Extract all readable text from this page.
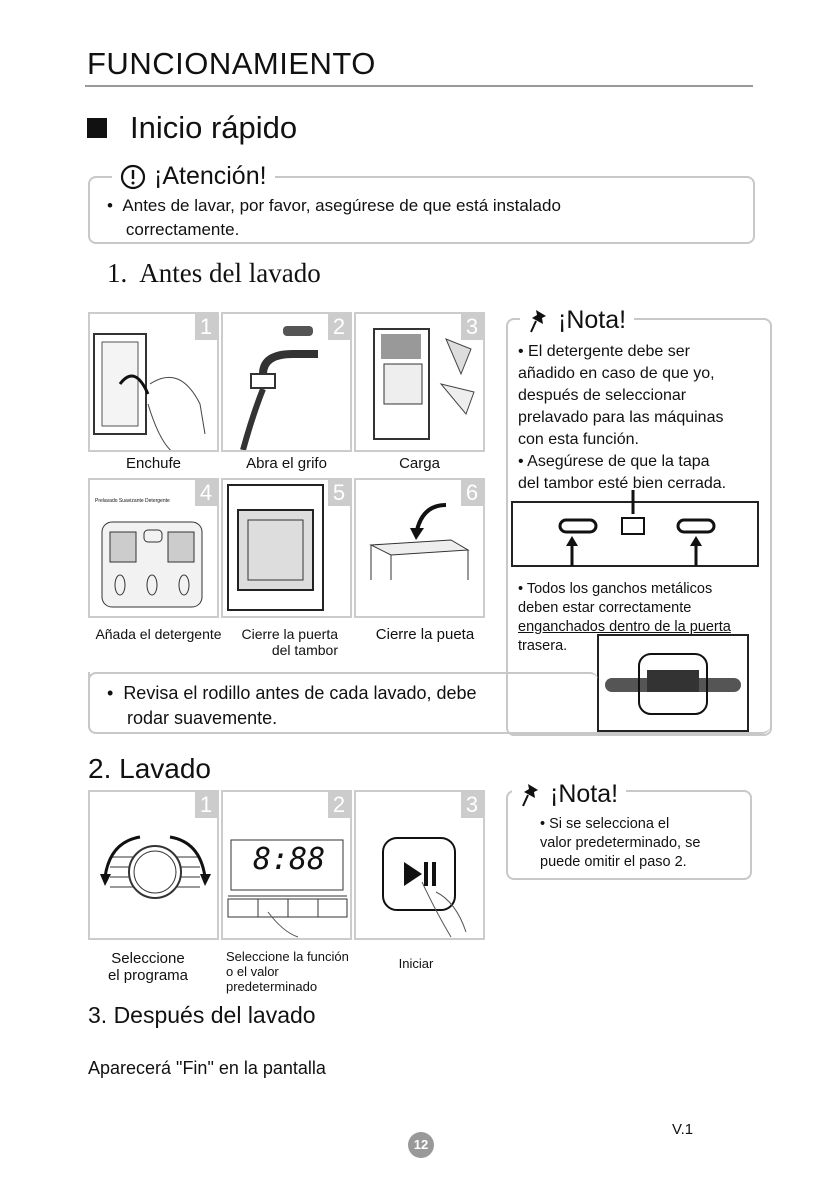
FUNCIONAMIENTO
Inicio rápido
¡Atención!
•  Antes de lavar, por favor, asegúrese de que está instalado
correctamente.
1.  Antes del lavado
1	2	3
Enchufe	Abra el grifo	Carga
4
Prelavado Suavizante Detergente	5	6
Añada el detergente	Cierre la puerta
del tambor
Cierre la pueta
¡Nota!
• El detergente debe ser
añadido en caso de que yo,
después de seleccionar
prelavado para las máquinas
con esta función.
• Asegúrese de que la tapa
del tambor esté bien cerrada.
• Todos los ganchos metálicos
deben estar correctamente
enganchados dentro de la puerta
trasera.
•  Revisa el rodillo antes de cada lavado, debe
rodar suavemente.
2. Lavado
1	2
8:88
3
Seleccione
el programa
Seleccione la función
o el valor
predeterminado
Iniciar
¡Nota!
• Si se selecciona el
valor predeterminado, se
puede omitir el paso 2.
3. Después del lavado
Aparecerá "Fin" en la pantalla
V.1
12
